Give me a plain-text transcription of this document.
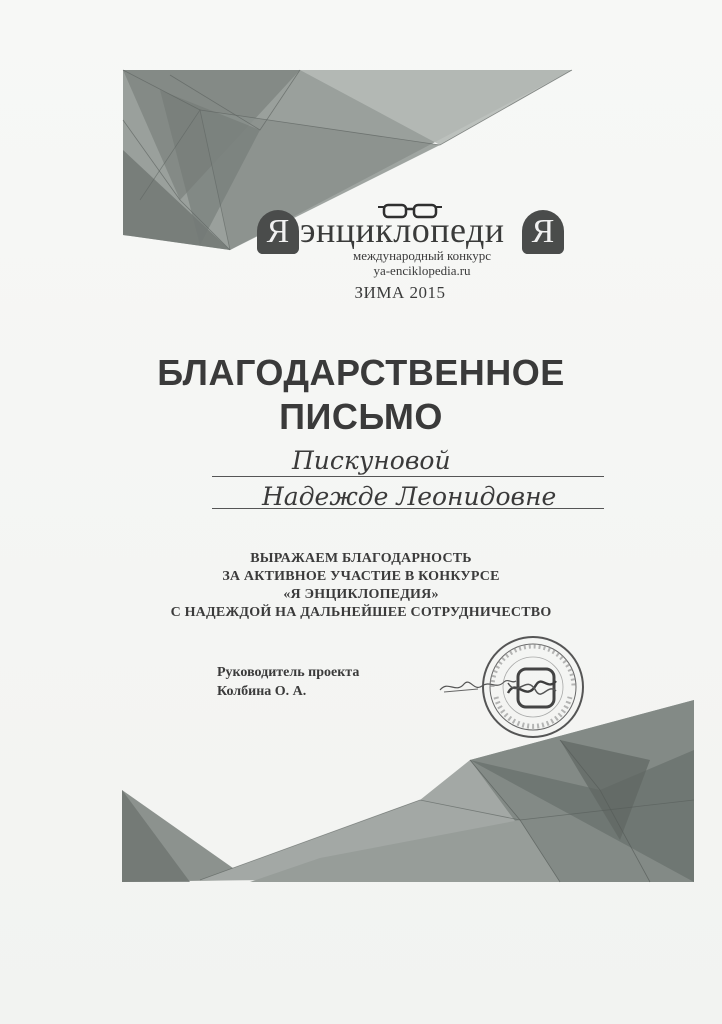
Я энциклопеди Я
международный конкурс
ya-enciklopedia.ru
ЗИМА 2015
БЛАГОДАРСТВЕННОЕ
ПИСЬМО
Пискуновой
Надежде Леонидовне
ВЫРАЖАЕМ БЛАГОДАРНОСТЬ
ЗА АКТИВНОЕ УЧАСТИЕ В КОНКУРСЕ
«Я ЭНЦИКЛОПЕДИЯ»
С НАДЕЖДОЙ НА ДАЛЬНЕЙШЕЕ СОТРУДНИЧЕСТВО
Руководитель проекта
Колбина О. А.
